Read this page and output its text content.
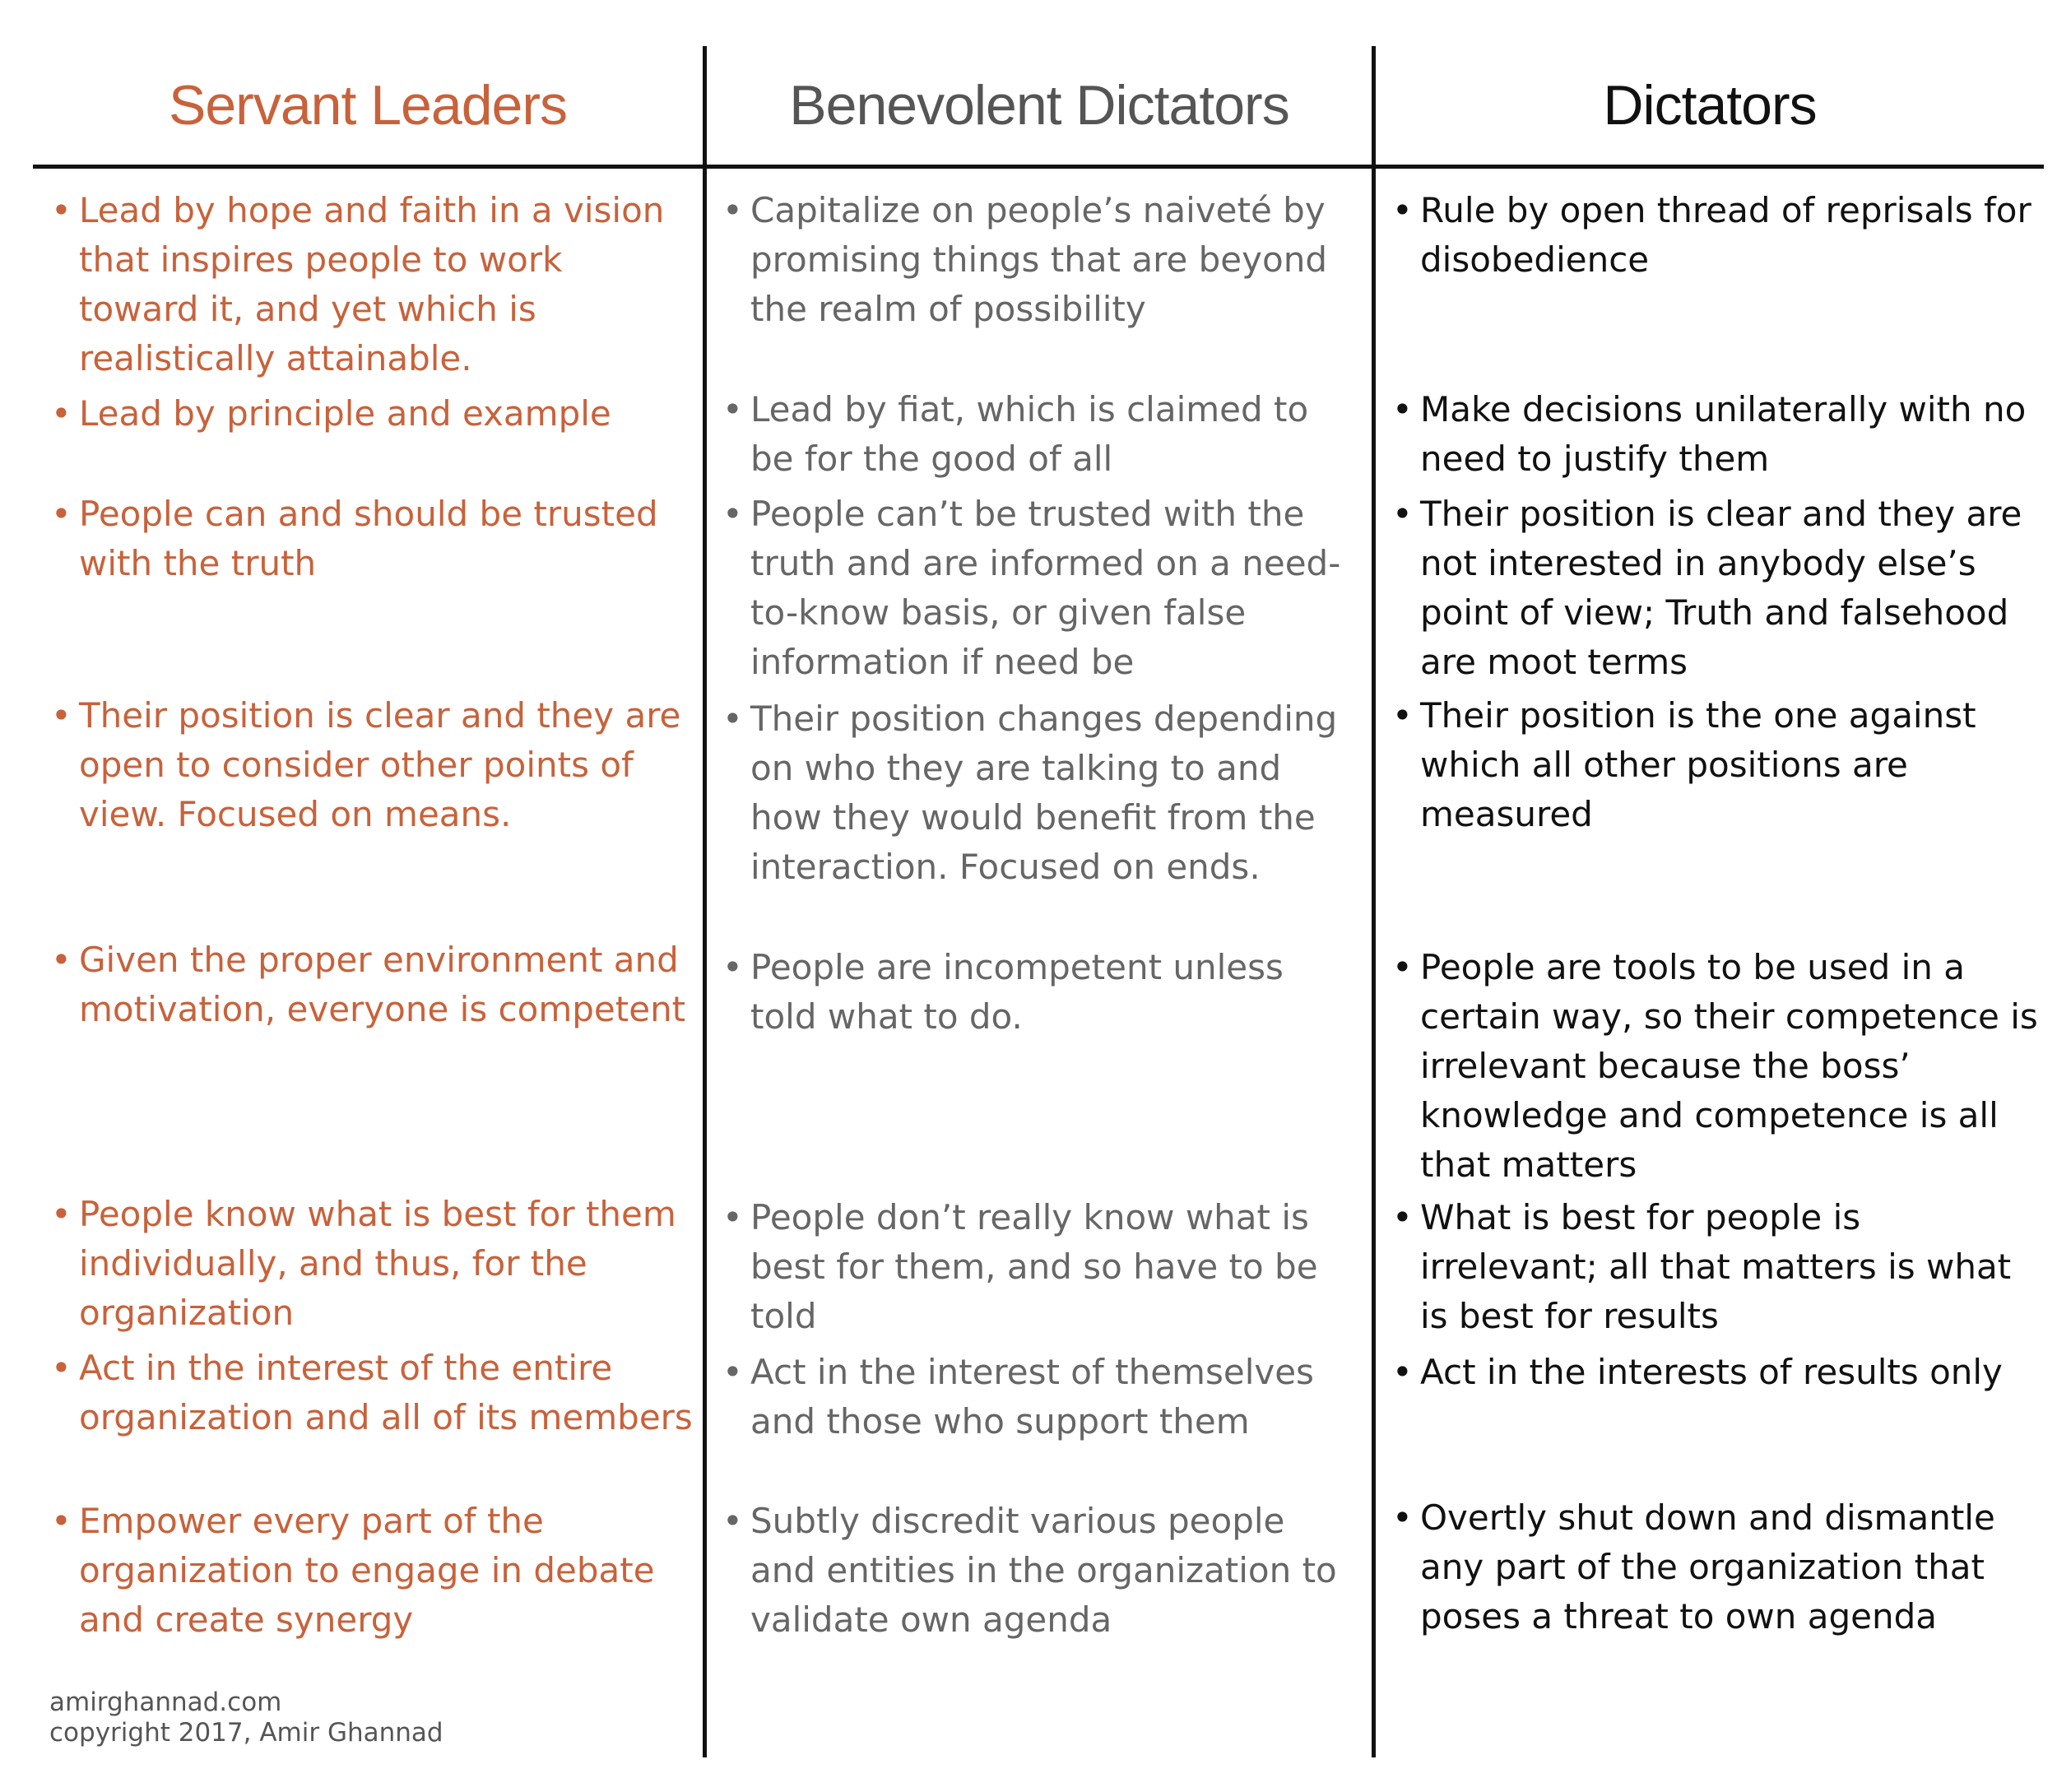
Servant Leaders	Benevolent Dictators	Dictators
• Lead by hope and faith in a vision that inspires people to work toward it, and yet which is realistically attainable.
• Lead by principle and example
• People can and should be trusted with the truth
• Their position is clear and they are open to consider other points of view. Focused on means.
• Given the proper environment and motivation, everyone is competent
• People know what is best for them individually, and thus, for the organization
• Act in the interest of the entire organization and all of its members
• Empower every part of the organization to engage in debate and create synergy
• Capitalize on people’s naiveté by promising things that are beyond the realm of possibility
• Lead by fiat, which is claimed to be for the good of all
• People can’t be trusted with the truth and are informed on a need-to-know basis, or given false information if need be
• Their position changes depending on who they are talking to and how they would benefit from the interaction. Focused on ends.
• People are incompetent unless told what to do.
• People don’t really know what is best for them, and so have to be told
• Act in the interest of themselves and those who support them
• Subtly discredit various people and entities in the organization to validate own agenda
• Rule by open thread of reprisals for disobedience
• Make decisions unilaterally with no need to justify them
• Their position is clear and they are not interested in anybody else’s point of view; Truth and falsehood are moot terms
• Their position is the one against which all other positions are measured
• People are tools to be used in a certain way, so their competence is irrelevant because the boss’ knowledge and competence is all that matters
• What is best for people is irrelevant; all that matters is what is best for results
• Act in the interests of results only
• Overtly shut down and dismantle any part of the organization that poses a threat to own agenda
amirghannad.com
copyright 2017, Amir Ghannad
